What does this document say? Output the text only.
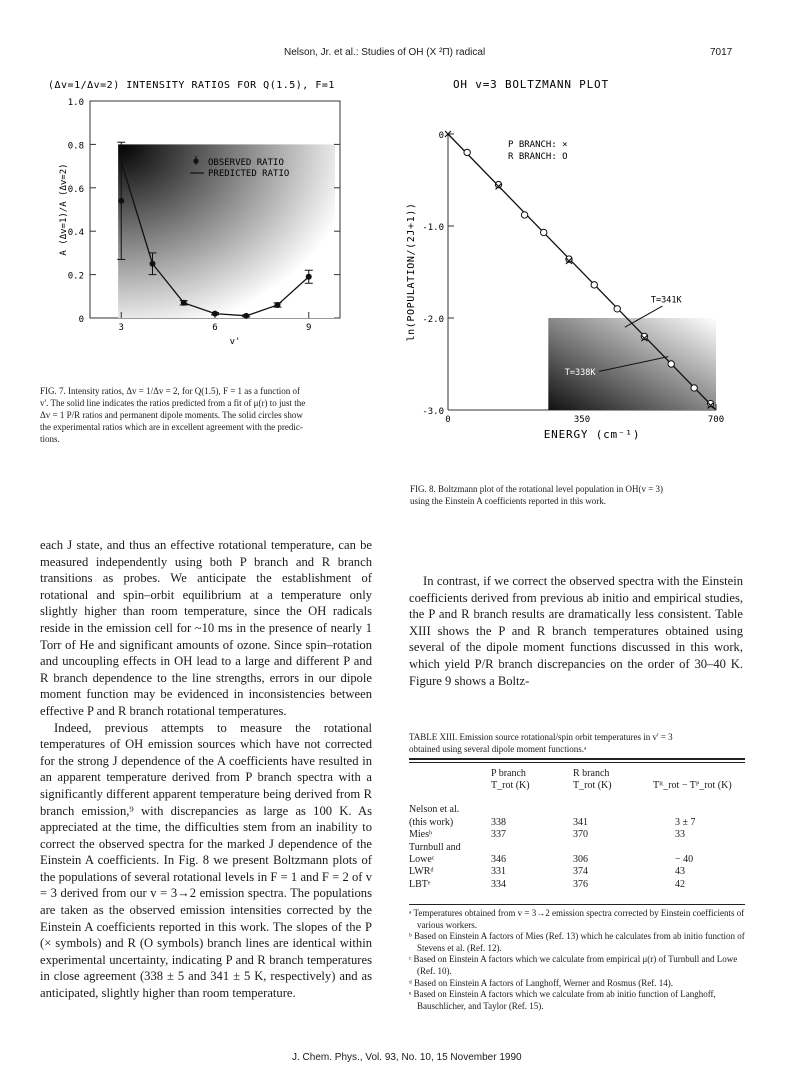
Nelson, Jr. et al.: Studies of OH (X ²Π) radical	7017
(Δv=1/Δv=2) INTENSITY RATIOS FOR Q(1.5), F=1
0
0.2
0.4
0.6
0.8
1.0
3	6	9
v'
A (Δv=1)/A (Δv=2)
OBSERVED RATIO
PREDICTED RATIO
FIG. 7. Intensity ratios, Δv = 1/Δv = 2, for Q(1.5), F = 1 as a function of
v'. The solid line indicates the ratios predicted from a fit of μ(r) to just the
Δv = 1 P/R ratios and permanent dipole moments. The solid circles show
the experimental ratios which are in excellent agreement with the predic-
tions.
OH v=3 BOLTZMANN PLOT
0
-1.0
-2.0
-3.0
0	350	700
ENERGY (cm⁻¹)
ln(POPULATION/(2J+1))
P BRANCH: ×
R BRANCH: O
T=341K
T=338K
FIG. 8. Boltzmann plot of the rotational level population in OH(v = 3)
using the Einstein A coefficients reported in this work.

each J state, and thus an effective rotational temperature, can be measured independently using both P branch and R branch transitions as probes. We anticipate the establishment of rotational and spin–orbit equilibrium at a temperature only slightly higher than room temperature, since the OH radicals reside in the emission cell for ~10 ms in the presence of nearly 1 Torr of He and significant amounts of ozone. Since spin–rotation and uncoupling effects in OH lead to a large and different P and R branch dependence to the line strengths, errors in our dipole moment function may be evidenced in inconsistencies between effective P and R branch rotational temperatures.

Indeed, previous attempts to measure the rotational temperatures of OH emission sources which have not corrected for the strong J dependence of the A coefficients have resulted in an apparent temperature derived from P branch spectra with a significantly different apparent temperature being derived from R branch emission,⁹ with discrepancies as large as 100 K. As appreciated at the time, the difficulties stem from an inability to correct the observed spectra for the marked J dependence of the Einstein A coefficients. In Fig. 8 we present Boltzmann plots of the populations of several rotational levels in F = 1 and F = 2 of v = 3 derived from our v = 3→2 emission spectra. The populations are taken as the observed emission intensities corrected by the Einstein A coefficients reported in this work. The slopes of the P (× symbols) and R (O symbols) branch lines are identical within experimental uncertainty, indicating P and R branch temperatures in close agreement (338 ± 5 and 341 ± 5 K, respectively) and as anticipated, slightly higher than room temperature.

In contrast, if we correct the observed spectra with the Einstein coefficients derived from previous ab initio and empirical studies, the P and R branch results are dramatically less consistent. Table XIII shows the P and R branch temperatures obtained using several of the dipole moment functions discussed in this work, which yield P/R branch discrepancies on the order of 30–40 K. Figure 9 shows a Boltz-

TABLE XIII. Emission source rotational/spin orbit temperatures in v' = 3
obtained using several dipole moment functions.ᵃ
	P branch	R branch	
	T_rot (K)	T_rot (K)	Tᴿ_rot − Tᴾ_rot (K)
Nelson et al.			
(this work)	338	341	3 ± 7
Miesᵇ	337	370	33
Turnbull and			
Loweᶜ	346	306	− 40
LWRᵈ	331	374	43
LBTᵉ	334	376	42
ᵃ Temperatures obtained from v = 3→2 emission spectra corrected by Einstein coefficients of various workers.
ᵇ Based on Einstein A factors of Mies (Ref. 13) which he calculates from ab initio function of Stevens et al. (Ref. 12).
ᶜ Based on Einstein A factors which we calculate from empirical μ(r) of Turnbull and Lowe (Ref. 10).
ᵈ Based on Einstein A factors of Langhoff, Werner and Rosmus (Ref. 14).
ᵉ Based on Einstein A factors which we calculate from ab initio function of Langhoff, Bauschlicher, and Taylor (Ref. 15).
J. Chem. Phys., Vol. 93, No. 10, 15 November 1990
